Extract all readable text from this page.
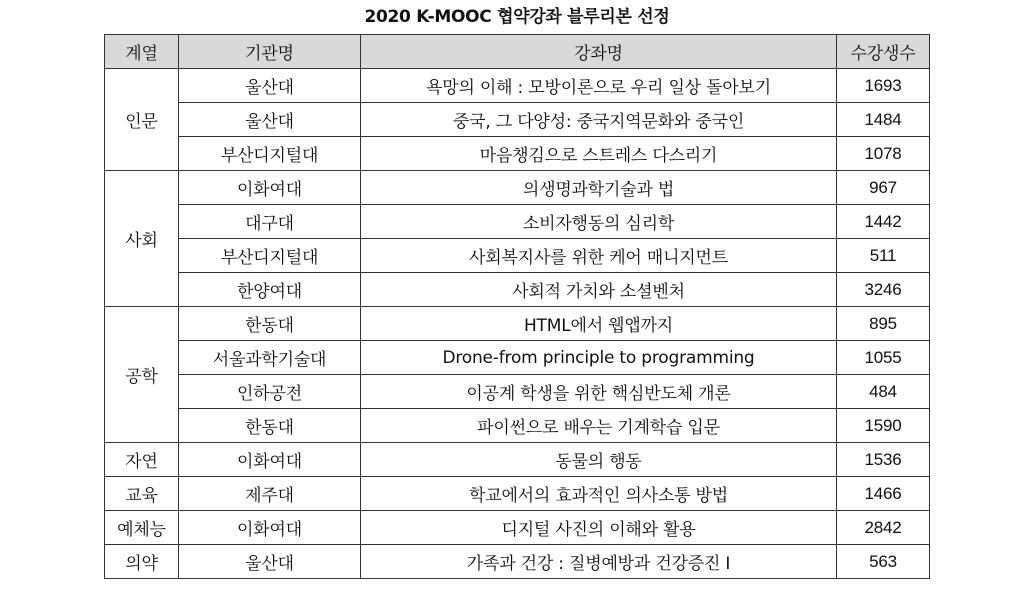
2020 K-MOOC 협약강좌 블루리본 선정
계열	기관명	강좌명	수강생수
인문	울산대	욕망의 이해 : 모방이론으로 우리 일상 돌아보기	1693
	울산대	중국, 그 다양성: 중국지역문화와 중국인	1484
	부산디지털대	마음챙김으로 스트레스 다스리기	1078
사회	이화여대	의생명과학기술과 법	967
	대구대	소비자행동의 심리학	1442
	부산디지털대	사회복지사를 위한 케어 매니지먼트	511
	한양여대	사회적 가치와 소셜벤처	3246
공학	한동대	HTML에서 웹앱까지	895
	서울과학기술대	Drone-from principle to programming	1055
	인하공전	이공계 학생을 위한 핵심반도체 개론	484
	한동대	파이썬으로 배우는 기계학습 입문	1590
자연	이화여대	동물의 행동	1536
교육	제주대	학교에서의 효과적인 의사소통 방법	1466
예체능	이화여대	디지털 사진의 이해와 활용	2842
의약	울산대	가족과 건강 : 질병예방과 건강증진 I	563
